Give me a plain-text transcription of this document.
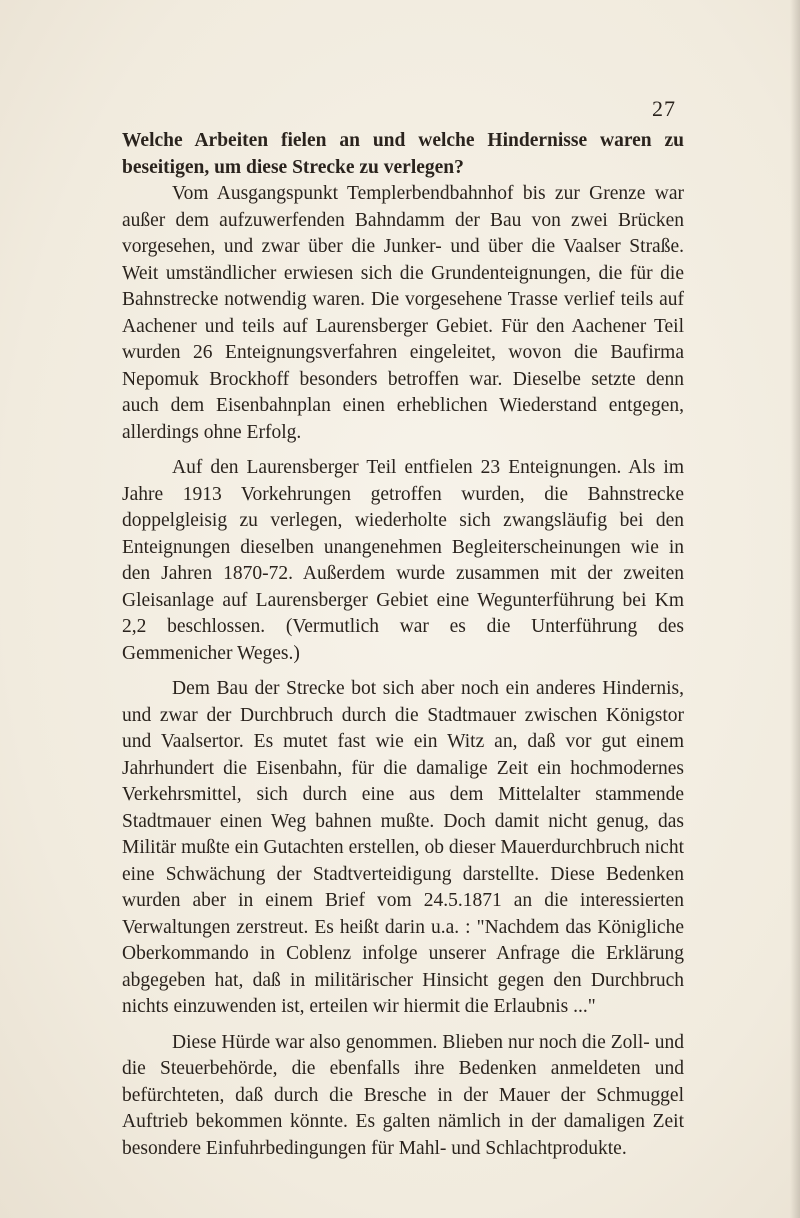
27

Welche Arbeiten fielen an und welche Hindernisse waren zu beseitigen, um diese Strecke zu verlegen?

Vom Ausgangspunkt Templerbendbahnhof bis zur Grenze war außer dem aufzuwerfenden Bahndamm der Bau von zwei Brücken vorgesehen, und zwar über die Junker- und über die Vaalser Straße. Weit umständlicher erwiesen sich die Grundenteignungen, die für die Bahnstrecke notwendig waren. Die vorgesehene Trasse verlief teils auf Aachener und teils auf Laurensberger Gebiet. Für den Aachener Teil wurden 26 Enteignungsverfahren eingeleitet, wovon die Baufirma Nepomuk Brockhoff besonders betroffen war. Dieselbe setzte denn auch dem Eisenbahnplan einen erheblichen Wiederstand entgegen, allerdings ohne Erfolg.

Auf den Laurensberger Teil entfielen 23 Enteignungen. Als im Jahre 1913 Vorkehrungen getroffen wurden, die Bahnstrecke doppelgleisig zu verlegen, wiederholte sich zwangsläufig bei den Enteignungen dieselben unangenehmen Begleiterscheinungen wie in den Jahren 1870-72. Außerdem wurde zusammen mit der zweiten Gleisanlage auf Laurensberger Gebiet eine Wegunterführung bei Km 2,2 beschlossen. (Vermutlich war es die Unterführung des Gemmenicher Weges.)

Dem Bau der Strecke bot sich aber noch ein anderes Hindernis, und zwar der Durchbruch durch die Stadtmauer zwischen Königstor und Vaalsertor. Es mutet fast wie ein Witz an, daß vor gut einem Jahrhundert die Eisenbahn, für die damalige Zeit ein hochmodernes Verkehrsmittel, sich durch eine aus dem Mittelalter stammende Stadtmauer einen Weg bahnen mußte. Doch damit nicht genug, das Militär mußte ein Gutachten erstellen, ob dieser Mauerdurchbruch nicht eine Schwächung der Stadtverteidigung darstellte. Diese Bedenken wurden aber in einem Brief vom 24.5.1871 an die interessierten Verwaltungen zerstreut. Es heißt darin u.a. : "Nachdem das Königliche Oberkommando in Coblenz infolge unserer Anfrage die Erklärung abgegeben hat, daß in militärischer Hinsicht gegen den Durchbruch nichts einzuwenden ist, erteilen wir hiermit die Erlaubnis ..."

Diese Hürde war also genommen. Blieben nur noch die Zoll- und die Steuerbehörde, die ebenfalls ihre Bedenken anmeldeten und befürchteten, daß durch die Bresche in der Mauer der Schmuggel Auftrieb bekommen könnte. Es galten nämlich in der damaligen Zeit besondere Einfuhrbedingungen für Mahl- und Schlachtprodukte.
